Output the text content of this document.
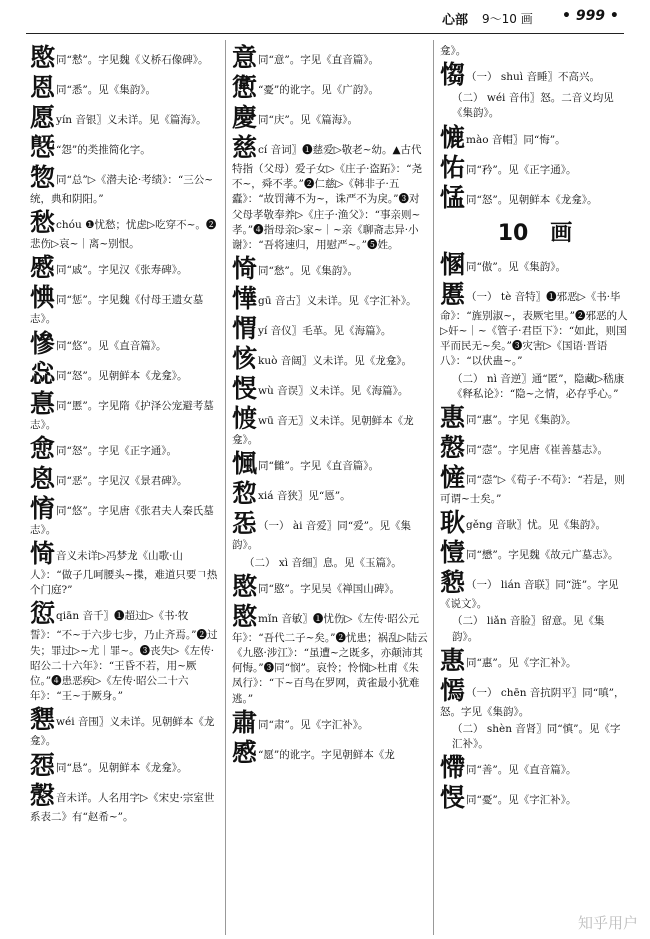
心部 9～10 画 • 999 •
愍同“慭”。字见魏《义桥石像碑》。
恩同“悉”。见《集韵》。
愿yín 音银〗义未详。见《篇海》。
𢟪“怨”的类推简化字。
惣同“总”▷《潜夫论·考绩》：“三公~统，典和阴阳。”
愁chóu ❶忧愁；忧虑▷吃穿不~。❷悲伤▷哀~｜离~别恨。
慼同“戚”。字见汉《张寿碑》。
㥏同“惩”。字见魏《付母王遗女墓志》。
慘同“悠”。见《直音篇》。
惢同“怒”。见朝鲜本《龙龛》。
惪同“慝”。字见隋《护泽公宠避考墓志》。
㥐同“怒”。字见《正字通》。
恖同“恶”。字见汉《景君碑》。
㥔同“悠”。字见唐《张君夫人秦氏墓志》。
㥓音义未详▷冯梦龙《山歌·山人》：“做子几呵腰头~揲，难道只要𠃍热个门庭?”
愆qiān 音千〗❶超过▷《书·牧誓》：“不~于六步七步，乃止齐焉。”❷过失；罪过▷~尤｜罪~。❸丧失▷《左传·昭公二十六年》：“王昏不若，用~厥位。”❹患恶疾▷《左传·昭公二十六年》：“王~于厥身。”
㦟wéi 音围〗义未详。见朝鲜本《龙龛》。
㤪同“恳”。见朝鲜本《龙龛》。
𢡱音未详。人名用字▷《宋史·宗室世系表二》有“赵希~”。
意同“意”。字见《直音篇》。
㦣“憂”的讹字。见《广韵》。
慶同“庆”。见《篇海》。
慈cí 音词〗❶慈爱▷敬老~幼。▲古代特指（父母）爱子女▷《庄子·盗跖》：“尧不~，舜不孝。”❷仁慈▷《韩非子·五蠹》：“故罚薄不为~，诛严不为戾。”❸对父母孝敬奉养▷《庄子·渔父》：“事亲则~孝。”❹指母亲▷家~｜~亲《聊斋志异·小谢》：“吾将速归，用慰严~。”❺姓。
㥓同“愁”。见《集韵》。
㦊gū 音古〗义未详。见《字汇补》。
㥜yí 音仪〗毛革。见《海篇》。
㤥kuò 音阔〗义未详。见《龙龛》。
㥗wù 音误〗义未详。见《海篇》。
𢜬wū 音无〗义未详。见朝鲜本《龙龛》。
𢞁同“雠”。字见《直音篇》。
㥎xiá 音狭〗见“㥦”。
㤅（一） ài 音爱〗同“爱”。见《集韵》。
（二） xì 音细〗息。见《玉篇》。
愍同“愍”。字见吴《禅国山碑》。
愍mǐn 音敏〗❶忧伤▷《左传·昭公元年》：“吾代二子~矣。”❷忧患；祸乱▷陆云《九愍·涉江》：“虽遭~之既多，亦颠沛其何悔。”❸同“悯”。哀怜；怜悯▷杜甫《朱凤行》：“下~百鸟在罗网，黄雀最小犹难逃。”
肅同“肃”。见《字汇补》。
㥻“愿”的讹字。字见朝鲜本《龙
龛》。
㥮（一） shuì 音睡〗不高兴。
（二） wéi 音伟〗怒。二音义均见《集韵》。
㦇mào 音帽〗同“悔”。
㤑同“矜”。见《正字通》。
𢛴同“怒”。见朝鲜本《龙龛》。
10　画
㥵同“傲”。见《集韵》。
慝（一） tè 音特〗❶邪恶▷《书·毕命》：“旌别淑~，表厥宅里。”❷邪恶的人▷奸~｜~《管子·君臣下》：“如此，则国平而民无~矣。”❸灾害▷《国语·晋语八》：“以伏蛊~。”
（二） nì 音逆〗通“匿”，隐藏▷嵇康《释私论》：“隐~之情，必存乎心。”
惠同“惠”。字见《集韵》。
慤同“悫”。字见唐《崔善墓志》。
㦃同“悫”▷《荀子·不苟》：“若是，则可谓~士矣。”
耿gěng 音耿〗忧。见《集韵》。
㦉同“懋”。字见魏《故元广墓志》。
㦝（一） lián 音联〗同“涟”。字见《说文》。
（二） liǎn 音脸〗留意。见《集韵》。
惠同“惠”。见《字汇补》。
㥼（一） chēn 音抗阴平〗同“嗔”，怒。字见《集韵》。
（二） shèn 音肾〗同“慎”。见《字汇补》。
㦅同“善”。见《直音篇》。
㥗同“憂”。见《字汇补》。
知乎用户
